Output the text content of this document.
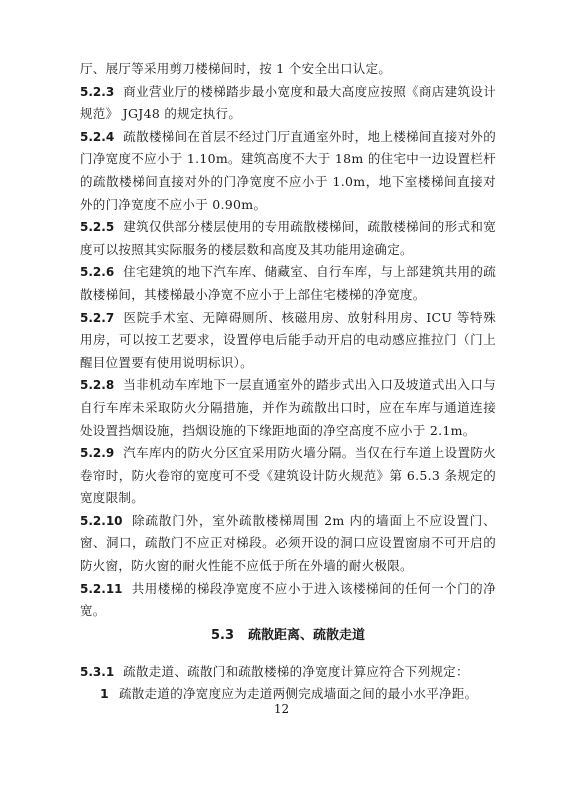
厅、展厅等采用剪刀楼梯间时，按 1 个安全出口认定。

5.2.3 商业营业厅的楼梯踏步最小宽度和最大高度应按照《商店建筑设计规范》 JGJ48 的规定执行。

5.2.4 疏散楼梯间在首层不经过门厅直通室外时，地上楼梯间直接对外的门净宽度不应小于 1.10m。建筑高度不大于 18m 的住宅中一边设置栏杆的疏散楼梯间直接对外的门净宽度不应小于 1.0m，地下室楼梯间直接对外的门净宽度不应小于 0.90m。

5.2.5 建筑仅供部分楼层使用的专用疏散楼梯间，疏散楼梯间的形式和宽度可以按照其实际服务的楼层数和高度及其功能用途确定。

5.2.6 住宅建筑的地下汽车库、储藏室、自行车库，与上部建筑共用的疏散楼梯间，其楼梯最小净宽不应小于上部住宅楼梯的净宽度。

5.2.7 医院手术室、无障碍厕所、核磁用房、放射科用房、ICU 等特殊用房，可以按工艺要求，设置停电后能手动开启的电动感应推拉门（门上醒目位置要有使用说明标识）。

5.2.8 当非机动车库地下一层直通室外的踏步式出入口及坡道式出入口与自行车库未采取防火分隔措施，并作为疏散出口时，应在车库与通道连接处设置挡烟设施，挡烟设施的下缘距地面的净空高度不应小于 2.1m。

5.2.9 汽车库内的防火分区宜采用防火墙分隔。当仅在行车道上设置防火卷帘时，防火卷帘的宽度可不受《建筑设计防火规范》第 6.5.3 条规定的宽度限制。

5.2.10 除疏散门外，室外疏散楼梯周围 2m 内的墙面上不应设置门、窗、洞口，疏散门不应正对梯段。必须开设的洞口应设置窗扇不可开启的防火窗，防火窗的耐火性能不应低于所在外墙的耐火极限。

5.2.11 共用楼梯的梯段净宽度不应小于进入该楼梯间的任何一个门的净宽。

5.3 疏散距离、疏散走道

5.3.1 疏散走道、疏散门和疏散楼梯的净宽度计算应符合下列规定：

1 疏散走道的净宽度应为走道两侧完成墙面之间的最小水平净距。

12
